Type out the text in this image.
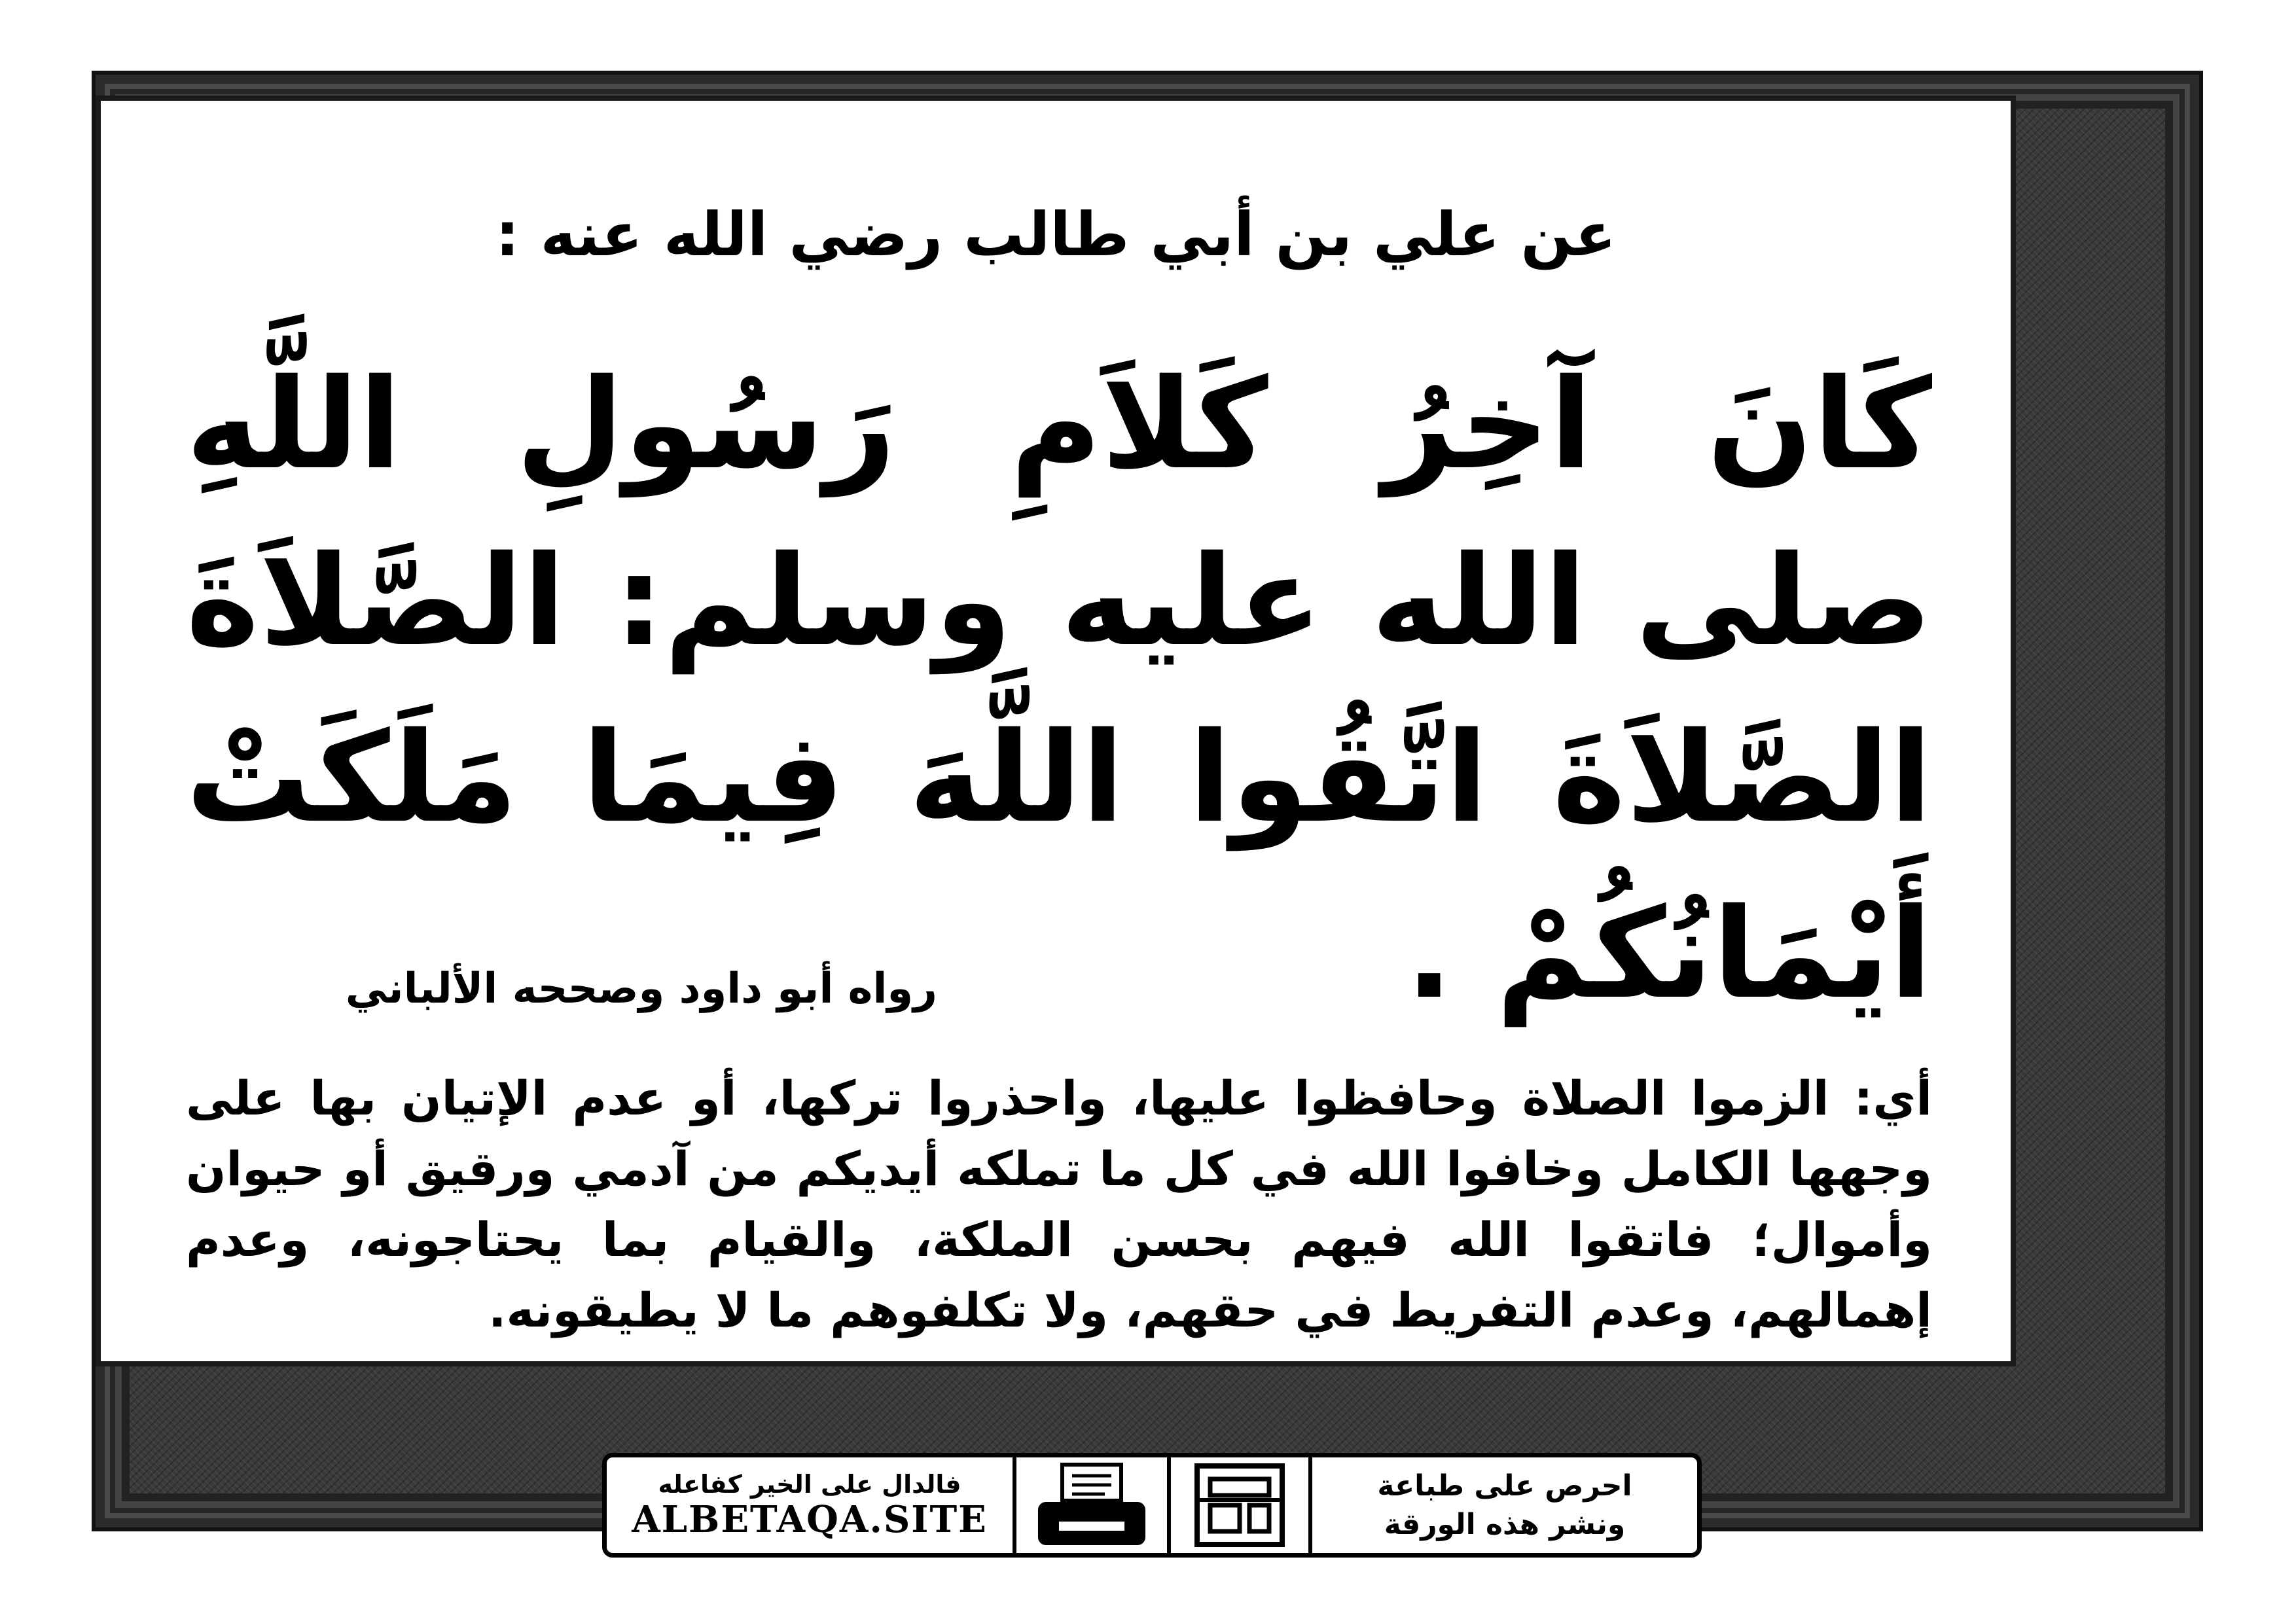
عن علي بن أبي طالب رضي الله عنه :
كَانَ آخِرُ كَلاَمِ رَسُولِ اللَّهِ صلى الله عليه وسلم: الصَّلاَةَ الصَّلاَةَ اتَّقُوا اللَّهَ فِيمَا مَلَكَتْ أَيْمَانُكُمْ .
رواه أبو داود وصححه الألباني
أي: الزموا الصلاة وحافظوا عليها، واحذروا تركها، أو عدم الإتيان بها على وجهها الكامل وخافوا الله في كل ما تملكه أيديكم من آدمي ورقيق أو حيوان وأموال؛ فاتقوا الله فيهم بحسن الملكة، والقيام بما يحتاجونه، وعدم إهمالهم، وعدم التفريط في حقهم، ولا تكلفوهم ما لا يطيقونه.
فالدال على الخير كفاعله
ALBETAQA.SITE
احرص على طباعة
ونشر هذه الورقة
